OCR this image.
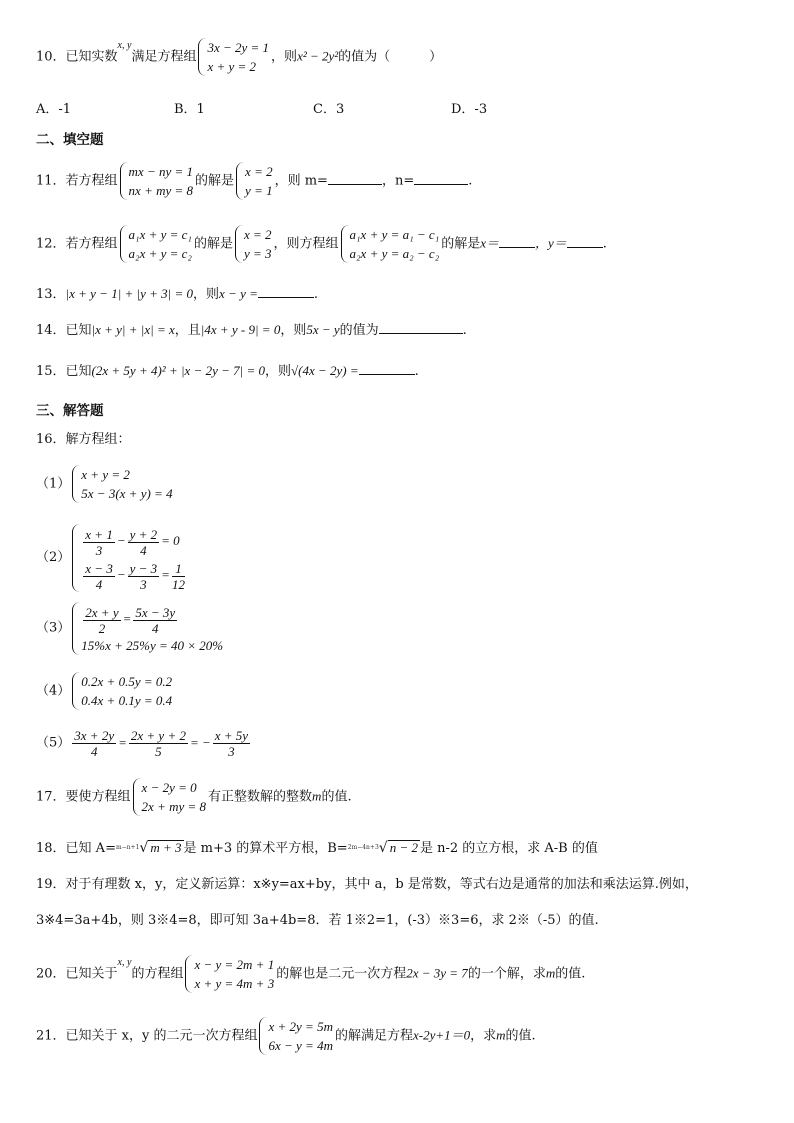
10．已知实数$^{x, y}$满足方程组
3x − 2y = 1
x + y = 2
，则x² − 2y²的值为（　　　）
A．-1	B．1	C．3	D．-3
二、填空题
11．若方程组
mx − ny = 1
nx + my = 8
的解是
x = 2
y = 1
，则 m=	，n=	.
12．若方程组
a₁x + y = c₁
a₂x + y = c₂
的解是
x = 2
y = 3
，则方程组
a₁x + y = a₁ − c₁
a₂x + y = a₂ − c₂
的解是x＝	，y＝	.
13．|x + y − 1| + |y + 3| = 0，则x − y =	.
14．已知|x + y| + |x| = x，且|4x + y - 9| = 0，则5x − y的值为	.
15．已知(2x + 5y + 4)² + |x − 2y − 7| = 0，则√(4x − 2y) =	.
三、解答题
16．解方程组：
（1）
x + y = 2
5x − 3(x + y) = 4
$(2) \frac{x + 1}{3} - \frac{y + 2}{4} = 0$
$\frac{x - 3}{4} - \frac{y - 3}{3} = \frac{1}{12}$
$(3) \frac{2x + y}{2} = \frac{5x - 3y}{4}$
15%x + 25%y = 40 × 20%
（4）
0.2x + 0.5y = 0.2
0.4x + 0.1y = 0.4
$(5) \frac{3x + 2y}{4} = \frac{2x + y + 2}{5}$ = − $\frac{x + 5y}{3}$
17．要使方程组
x − 2y = 0
2x + my = 8
有正整数解的整数m的值.
18．已知 A=$^{m-n+1}$√ m + 3 是 m+3 的算术平方根，B=$^{2m-4n+3}$√ n − 2 是 n-2 的立方根，求 A-B 的值
19．对于有理数 x，y，定义新运算：x※y=ax+by，其中 a，b 是常数，等式右边是通常的加法和乘法运算.例如，
3※4=3a+4b，则 3※4=8，即可知 3a+4b=8．若 1※2=1，(-3）※3=6，求 2※（-5）的值.
20．已知关于$^{x, y}$的方程组
x − y = 2m + 1
x + y = 4m + 3
的解也是二元一次方程2x − 3y = 7的一个解，求m的值.
21．已知关于 x，y 的二元一次方程组
x + 2y = 5m
6x − y = 4m
的解满足方程x-2y+1＝0，求m的值.
